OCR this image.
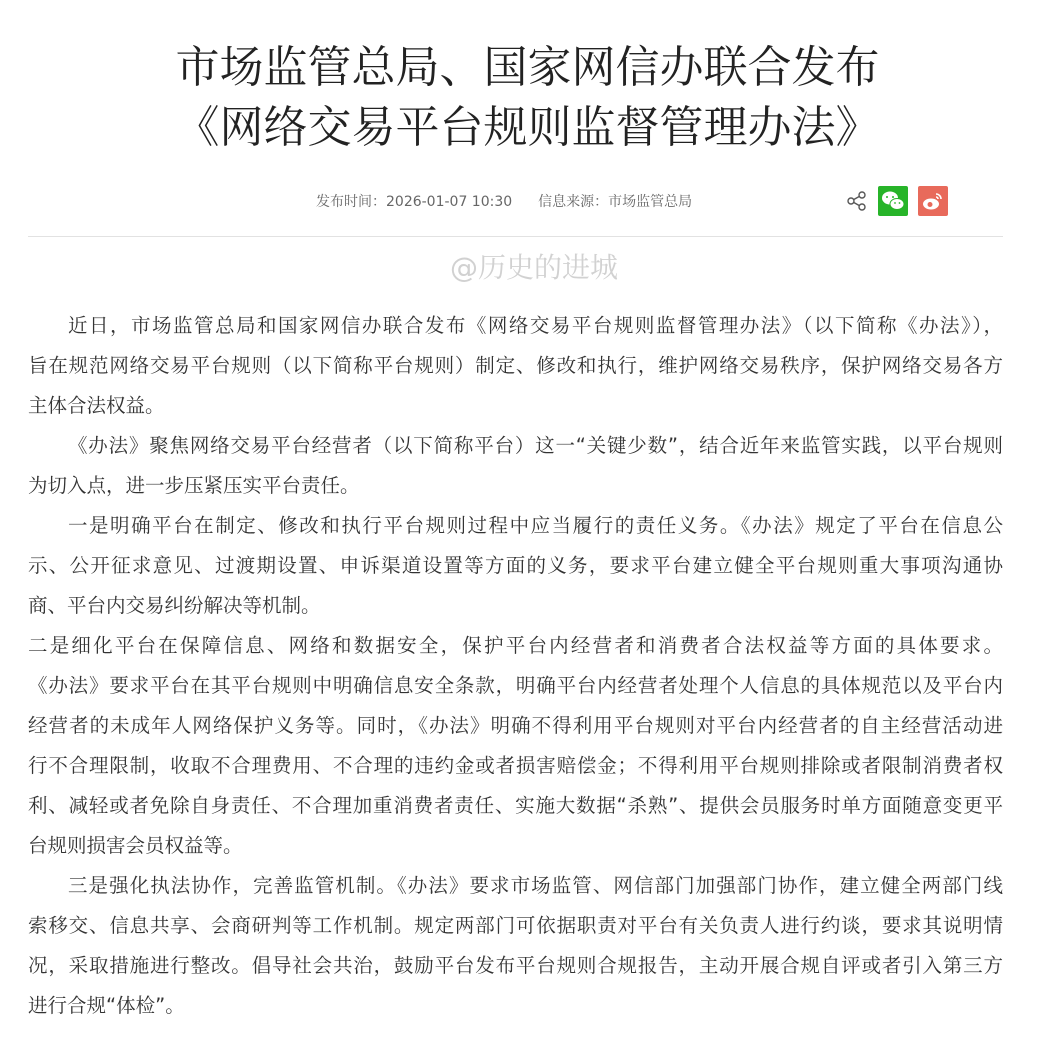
市场监管总局、国家网信办联合发布
《网络交易平台规则监督管理办法》
发布时间：2026-01-07 10:30 信息来源：市场监管总局
@历史的进城
近日，市场监管总局和国家网信办联合发布《网络交易平台规则监督管理办法》（以下简称《办法》），
旨在规范网络交易平台规则（以下简称平台规则）制定、修改和执行，维护网络交易秩序，保护网络交易各方
主体合法权益。
《办法》聚焦网络交易平台经营者（以下简称平台）这一“关键少数”，结合近年来监管实践，以平台规则
为切入点，进一步压紧压实平台责任。
一是明确平台在制定、修改和执行平台规则过程中应当履行的责任义务。《办法》规定了平台在信息公
示、公开征求意见、过渡期设置、申诉渠道设置等方面的义务，要求平台建立健全平台规则重大事项沟通协
商、平台内交易纠纷解决等机制。
二是细化平台在保障信息、网络和数据安全，保护平台内经营者和消费者合法权益等方面的具体要求。
《办法》要求平台在其平台规则中明确信息安全条款，明确平台内经营者处理个人信息的具体规范以及平台内
经营者的未成年人网络保护义务等。同时，《办法》明确不得利用平台规则对平台内经营者的自主经营活动进
行不合理限制，收取不合理费用、不合理的违约金或者损害赔偿金；不得利用平台规则排除或者限制消费者权
利、减轻或者免除自身责任、不合理加重消费者责任、实施大数据“杀熟”、提供会员服务时单方面随意变更平
台规则损害会员权益等。
三是强化执法协作，完善监管机制。《办法》要求市场监管、网信部门加强部门协作，建立健全两部门线
索移交、信息共享、会商研判等工作机制。规定两部门可依据职责对平台有关负责人进行约谈，要求其说明情
况，采取措施进行整改。倡导社会共治，鼓励平台发布平台规则合规报告，主动开展合规自评或者引入第三方
进行合规“体检”。
